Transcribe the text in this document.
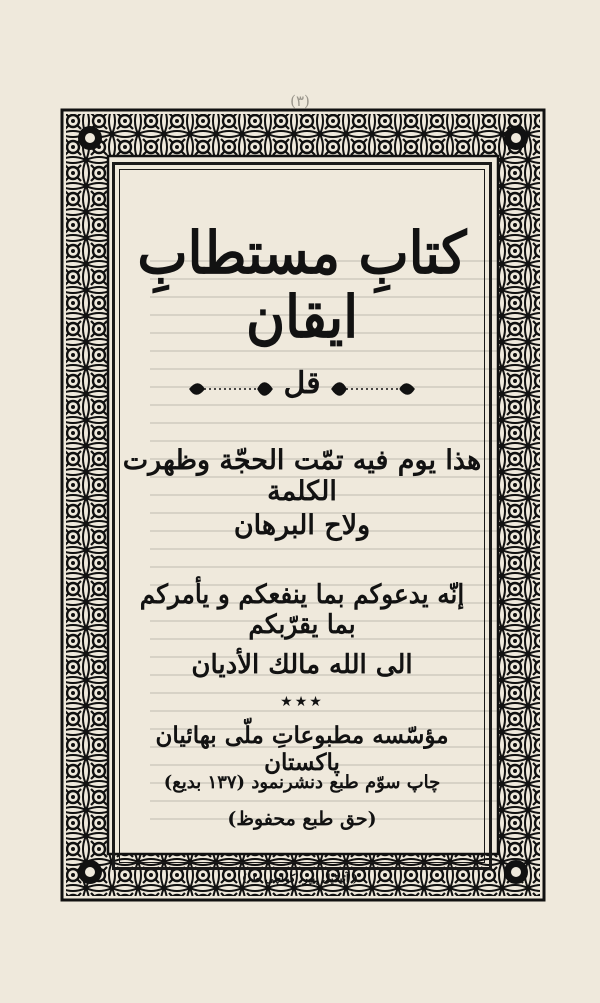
(٣)
كتابِ مستطابِ ايقان
قل
هذا يوم فيه تمّت الحجّة وظهرت الكلمة
ولاح البرهان
إنّه يدعوكم بما ينفعكم و يأمركم بما يقرّبكم
الى الله مالك الأديان
★★★
مؤسّسه مطبوعاتِ ملّی بهائيان پاکستان
چاپ سوّم طبع دنشرنمود (١٣٧ بديع)
(حق طبع محفوظ)
( آئيڈيل پيپر، کراچی ط )
